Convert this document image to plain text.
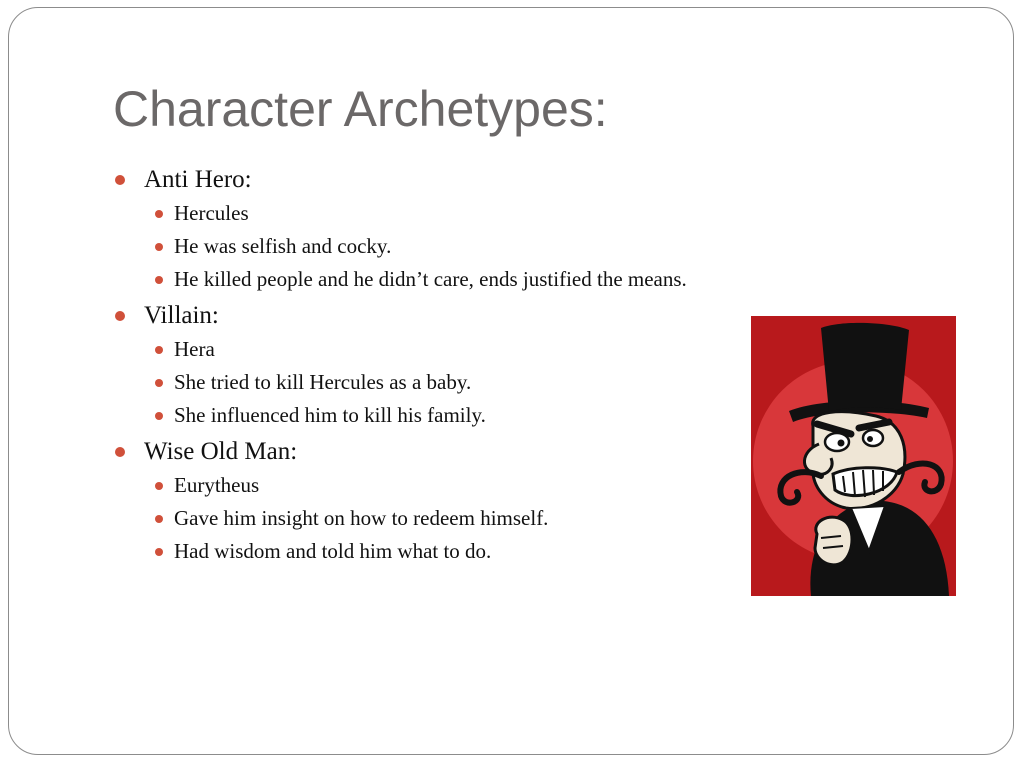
Character Archetypes:
Anti Hero:
Hercules
He was selfish and cocky.
He killed people and he didn’t care, ends justified the means.
Villain:
Hera
She tried to kill Hercules as a baby.
She influenced him to kill his family.
Wise Old Man:
Eurytheus
Gave him insight on how to redeem himself.
Had wisdom and told him what to do.
